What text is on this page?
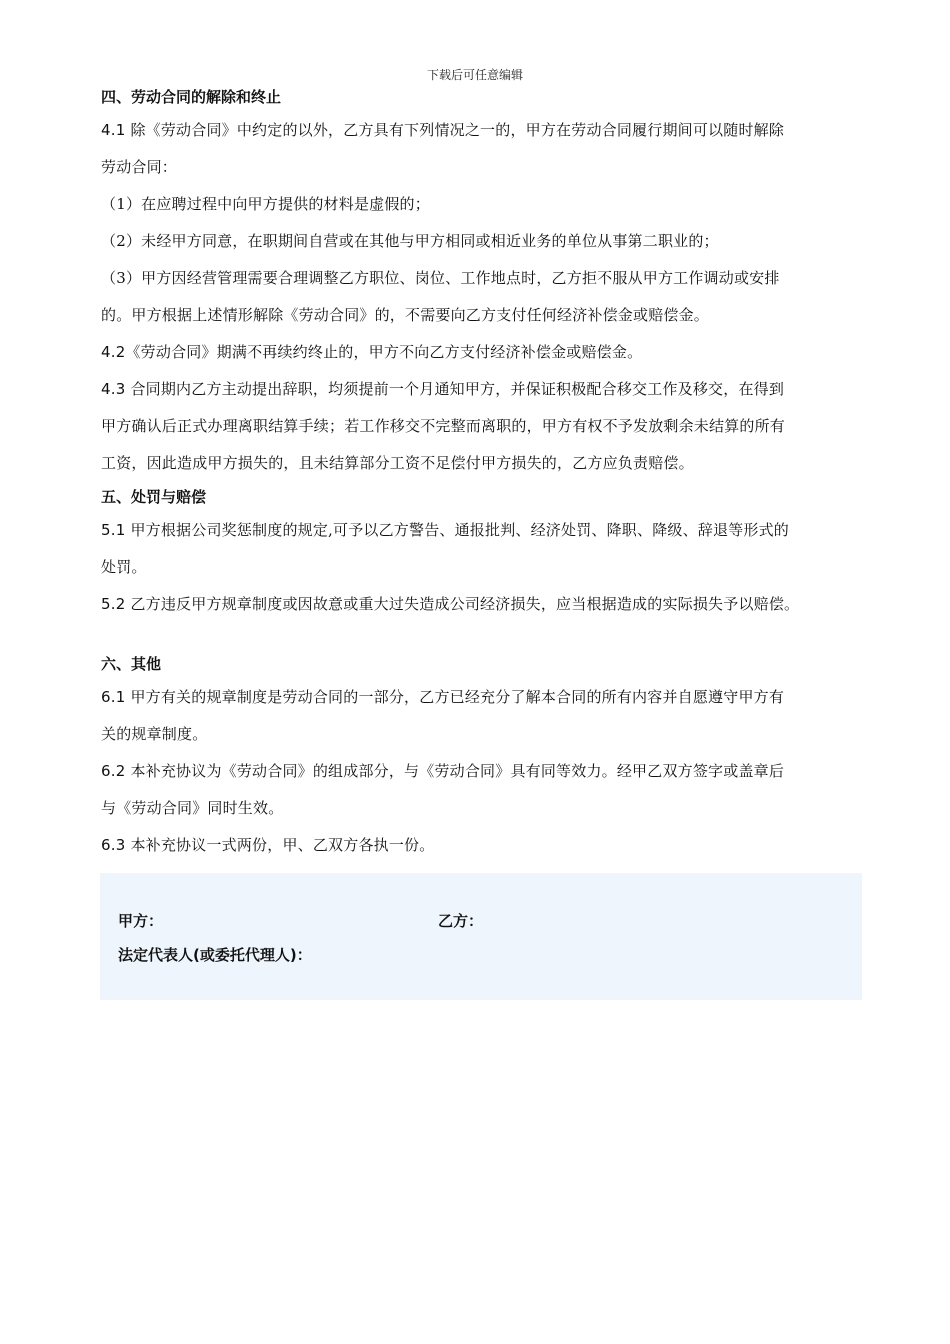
下载后可任意编辑
四、劳动合同的解除和终止

4.1 除《劳动合同》中约定的以外，乙方具有下列情况之一的，甲方在劳动合同履行期间可以随时解除
劳动合同：

（1）在应聘过程中向甲方提供的材料是虚假的；

（2）未经甲方同意，在职期间自营或在其他与甲方相同或相近业务的单位从事第二职业的；

（3）甲方因经营管理需要合理调整乙方职位、岗位、工作地点时，乙方拒不服从甲方工作调动或安排
的。甲方根据上述情形解除《劳动合同》的，不需要向乙方支付任何经济补偿金或赔偿金。

4.2《劳动合同》期满不再续约终止的，甲方不向乙方支付经济补偿金或赔偿金。

4.3 合同期内乙方主动提出辞职，均须提前一个月通知甲方，并保证积极配合移交工作及移交，在得到
甲方确认后正式办理离职结算手续；若工作移交不完整而离职的，甲方有权不予发放剩余未结算的所有
工资，因此造成甲方损失的，且未结算部分工资不足偿付甲方损失的，乙方应负责赔偿。

五、处罚与赔偿

5.1 甲方根据公司奖惩制度的规定,可予以乙方警告、通报批判、经济处罚、降职、降级、辞退等形式的
处罚。

5.2 乙方违反甲方规章制度或因故意或重大过失造成公司经济损失，应当根据造成的实际损失予以赔偿。

六、其他

6.1 甲方有关的规章制度是劳动合同的一部分，乙方已经充分了解本合同的所有内容并自愿遵守甲方有
关的规章制度。

6.2 本补充协议为《劳动合同》的组成部分，与《劳动合同》具有同等效力。经甲乙双方签字或盖章后
与《劳动合同》同时生效。

6.3 本补充协议一式两份，甲、乙双方各执一份。

甲方：	乙方：
法定代表人(或委托代理人)：
